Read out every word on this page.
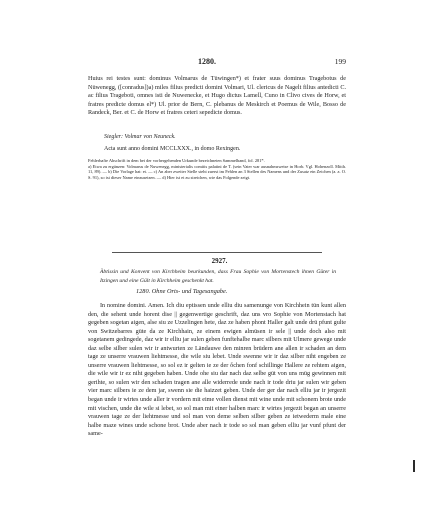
1280.	199
Huius rei testes sunt: dominus Volmarus de Tūwingen*) et frater suus dominus Tragebotus de Nūwenegg, ([conradus])a) miles filius predicti domini Volmari, Ul. clericus de Nagelt filius antedicti C. ac filius Trageboti, omnes isti de Nuwenecke, et Hugo dictus Lamell, Cuno in Clivo cives de Horw, et fratres predicte domus el*) Ul. prior de Bern, C. plebanus de Meskirch et Poemus de Wile, Bosso de Randeck, Ber. et C. de Horw et fratres ceteri sepedicte domus.
Siegler: Volmar von Neuneck.
Acta sunt anno domini MCCLXXX., in domo Rexingen.
Fehlerhafte Abschrift in dem bei der vorhergehenden Urkunde bezeichneten Sammelband, fol. 281*.
a) Etwa zu ergänzen: Volmarus de Nuwenegg, ministerialis comitis palatini de T. (sein Vater war ausnahmsweise in Horb. Vgl. Hohenzoll. Mitth. 11, 89). — b) Die Vorlage hat: et. — c) An aber zweiter Stelle steht zuerst im Fehlen an 3 Stellen des Namens und der Zusatz ein Zeichen (a. a. O. S. 91), so ist dieser Name einzusetzen. — d) Hier ist et zu streichen, wie das Folgende zeigt.
2927.
Äbtissin und Konvent von Kirchheim beurkunden, dass Frau Sophie von Mortenstech ihnen Güter in Itzingen und eine Gült in Kirchheim geschenkt hat.
1280. Ohne Orts- und Tagesangabe.
In nomine domini. Amen. Ich diu eptissen unde elliu diu samenunge von Kirchhein tūn kunt allen den, die sehent unde horent dise || gegenwertige geschrift, daz uns vro Sophie von Mortenstach hat gegeben sogetan aigen, alse siu ze Uzzelingen hete, daz ze haben phont Haller galt unde drū pfunt gulte von Switzebarres gūte da ze Kirchhain, ze einem ewigen almūsen ir sele || unde doch also mit sogetanem gedingede, daz wir ir elliu jar sulen geben funftehalbe marc silbers mit Ulmere gewege unde daz selbe silber sulen wir ir antwurten ze Ländauwe den minren brūdern ane allen ir schaden an dem tage ze unserre vrauwen liehtmesse, die wile siu lebet. Unde swenne wir ir daz silber niht engeben ze unserre vrauwen liehtmesse, so sol ez ir gelten ie ze der ὄchen fonf schillinge Hallere ze rehtem aigen, die wile wir ir ez niht gegeben haben. Unde ohe siu dar nach daz selbe gūt von uns mūg gewinnen mit gerihte, so sulen wir den schaden tragen ane alle widerrede unde nach ir tode driu jar sulen wir geben vier marc silbers ie ze dem jar, swenn sie die haizzet geben. Unde der ger dar nach elliu jar ir jergezit began unde ir wirtes unde aller ir vordern mit eime vollen dienst mit wine unde mit schonem brote unde mit vischen, unde die wile si lebet, so sol man mit einer halben marc ir wirtes jergezit began an unserre vrauwen tage ze der liehtmesse und sol man von deme selben silber geben ze ietwederm male eine halbe maze wines unde schone brot. Unde aber nach ir tode so sol man geben elliu jar vunf pfunt der same-
